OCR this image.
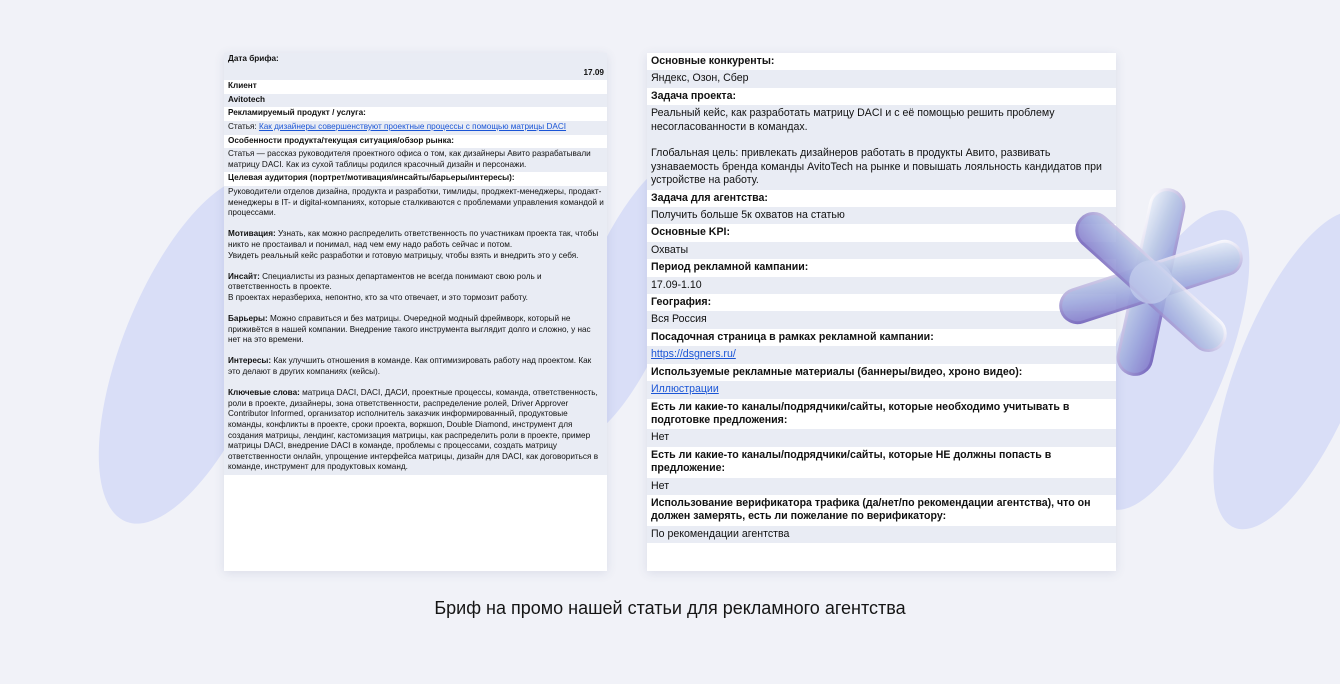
Дата брифа:
17.09
Клиент
Avitotech
Рекламируемый продукт / услуга:
Статья: Как дизайнеры совершенствуют проектные процессы с помощью матрицы DACI
Особенности продукта/текущая ситуация/обзор рынка:
Статья — рассказ руководителя проектного офиса о том, как дизайнеры Авито разрабатывали матрицу DACI. Как из сухой таблицы родился красочный дизайн и персонажи.
Целевая аудитория (портрет/мотивация/инсайты/барьеры/интересы):

Руководители отделов дизайна, продукта и разработки, тимлиды, проджект-менеджеры, продакт-менеджеры в IT- и digital-компаниях, которые сталкиваются с проблемами управления командой и процессами.

Мотивация: Узнать, как можно распределить ответственность по участникам проекта так, чтобы никто не простаивал и понимал, над чем ему надо работь сейчас и потом.

Увидеть реальный кейс разработки и готовую матрицыу, чтобы взять и внедрить это у себя.

Инсайт: Специалисты из разных департаментов не всегда понимают свою роль и ответственность в проекте.

В проектах неразбериха, непонтно, кто за что отвечает, и это тормозит работу.

Барьеры: Можно справиться и без матрицы. Очередной модный фреймворк, который не приживётся в нашей компании. Внедрение такого инструмента выглядит долго и сложно, у нас нет на это времени.

Интересы: Как улучшить отношения в команде. Как оптимизировать работу над проектом. Как это делают в других компаниях (кейсы).

Ключевые слова: матрица DACI, DACI, ДАСИ, проектные процессы, команда, ответственность, роли в проекте, дизайнеры, зона ответственности, распределение ролей, Driver Approver Contributor Informed, организатор исполнитель заказчик информированный, продуктовые команды, конфликты в проекте, сроки проекта, воркшоп, Double Diamond, инструмент для создания матрицы, лендинг, кастомизация матрицы, как распределить роли в проекте, пример матрицы DACI, внедрение DACI в команде, проблемы с процессами, создать матрицу ответственности онлайн, упрощение интерфейса матрицы, дизайн для DACI, как договориться в команде, инструмент для продуктовых команд.

Основные конкуренты:
Яндекс, Озон, Сбер
Задача проекта:
Реальный кейс, как разработать матрицу DACI и с её помощью решить проблему несогласованности в командах.
Глобальная цель: привлекать дизайнеров работать в продукты Авито, развивать узнаваемость бренда команды AvitoTech на рынке и повышать лояльность кандидатов при устройстве на работу.
Задача для агентства:
Получить больше 5к охватов на статью
Основные KPI:
Охваты
Период рекламной кампании:
17.09-1.10
География:
Вся Россия
Посадочная страница в рамках рекламной кампании:
https://dsgners.ru/
Используемые рекламные материалы (баннеры/видео, хроно видео):
Иллюстрации
Есть ли какие-то каналы/подрядчики/сайты, которые необходимо учитывать в подготовке предложения:
Нет
Есть ли какие-то каналы/подрядчики/сайты, которые НЕ должны попасть в предложение:
Нет
Использование верификатора трафика (да/нет/по рекомендации агентства), что он должен замерять, есть ли пожелание по верификатору:
По рекомендации агентства
Бриф на промо нашей статьи для рекламного агентства
